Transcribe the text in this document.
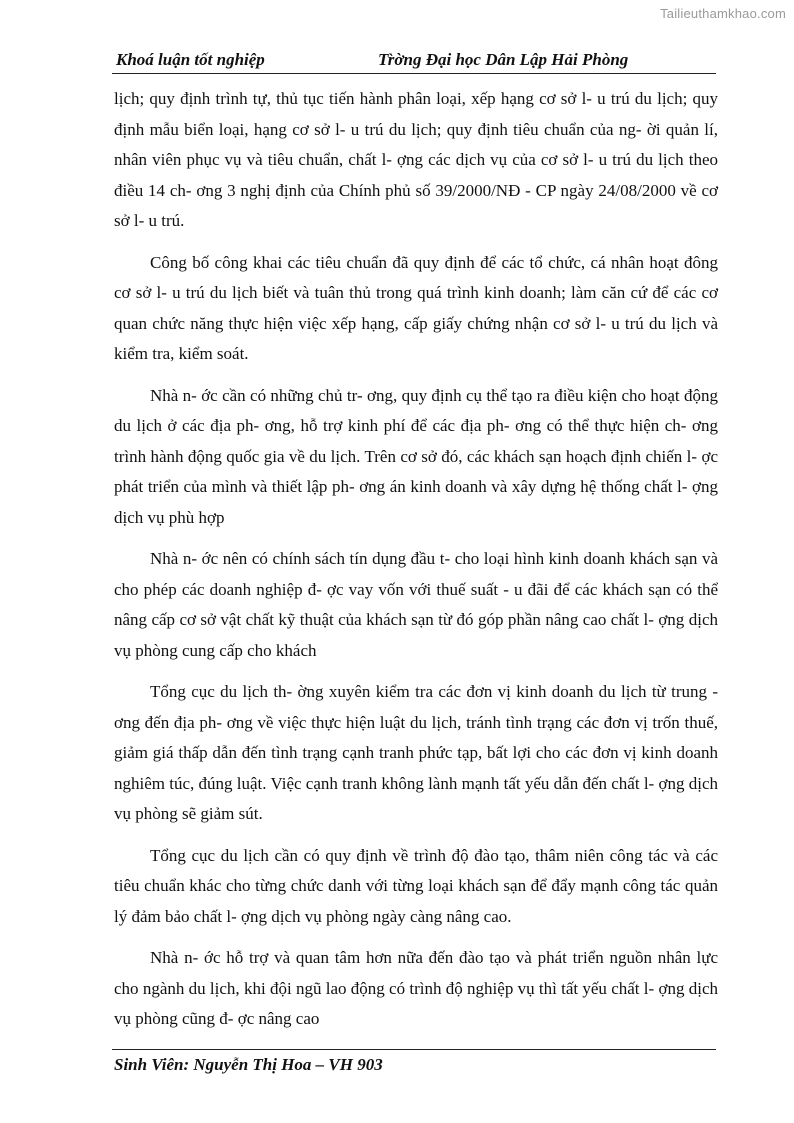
Tailieuthamkhao.com
Khoá luận tốt nghiệp	Tr̀ờng Đại học Dân Lập Hải Phòng

lịch; quy định trình tự, thủ tục tiến hành phân loại, xếp hạng cơ sở l- u trú du lịch; quy định mẫu biển loại, hạng cơ sở l- u trú du lịch; quy định tiêu chuẩn của ng- ời quản lí, nhân viên phục vụ và tiêu chuẩn, chất l- ợng các dịch vụ của cơ sở l- u trú du lịch theo điều 14 ch- ơng 3 nghị định của Chính phủ số 39/2000/NĐ - CP ngày 24/08/2000 về cơ sở l- u trú.

Công bố công khai các tiêu chuẩn đã quy định để các tổ chức, cá nhân hoạt đông cơ sở l- u trú du lịch biết và tuân thủ trong quá trình kinh doanh; làm căn cứ để các cơ quan chức năng thực hiện việc xếp hạng, cấp giấy chứng nhận cơ sở l- u trú du lịch và kiểm tra, kiểm soát.

Nhà n- ớc cần có những chủ tr- ơng, quy định cụ thể tạo ra điều kiện cho hoạt động du lịch ở các địa ph- ơng, hỗ trợ kinh phí để các địa ph- ơng có thể thực hiện ch- ơng trình hành động quốc gia về du lịch. Trên cơ sở đó, các khách sạn hoạch định chiến l- ợc phát triển của mình và thiết lập ph- ơng án kinh doanh và xây dựng hệ thống chất l- ợng dịch vụ phù hợp

Nhà n- ớc nên có chính sách tín dụng đầu t- cho loại hình kinh doanh khách sạn và cho phép các doanh nghiệp đ- ợc vay vốn với thuế suất - u đãi để các khách sạn có thể nâng cấp cơ sở vật chất kỹ thuật của khách sạn từ đó góp phần nâng cao chất l- ợng dịch vụ phòng cung cấp cho khách

Tổng cục du lịch th- ờng xuyên kiểm tra các đơn vị kinh doanh du lịch từ trung - ơng đến địa ph- ơng về việc thực hiện luật du lịch, tránh tình trạng các đơn vị trốn thuế, giảm giá thấp dẫn đến tình trạng cạnh tranh phức tạp, bất lợi cho các đơn vị kinh doanh nghiêm túc, đúng luật. Việc cạnh tranh không lành mạnh tất yếu dẫn đến chất l- ợng dịch vụ phòng sẽ giảm sút.

Tổng cục du lịch cần có quy định về trình độ đào tạo, thâm niên công tác và các tiêu chuẩn khác cho từng chức danh với từng loại khách sạn để đẩy mạnh công tác quản lý đảm bảo chất l- ợng dịch vụ phòng ngày càng nâng cao.

Nhà n- ớc hỗ trợ và quan tâm hơn nữa đến đào tạo và phát triển nguồn nhân lực cho ngành du lịch, khi đội ngũ lao động có trình độ nghiệp vụ thì tất yếu chất l- ợng dịch vụ phòng cũng đ- ợc nâng cao

Sinh Viên: Nguyễn Thị Hoa – VH 903
